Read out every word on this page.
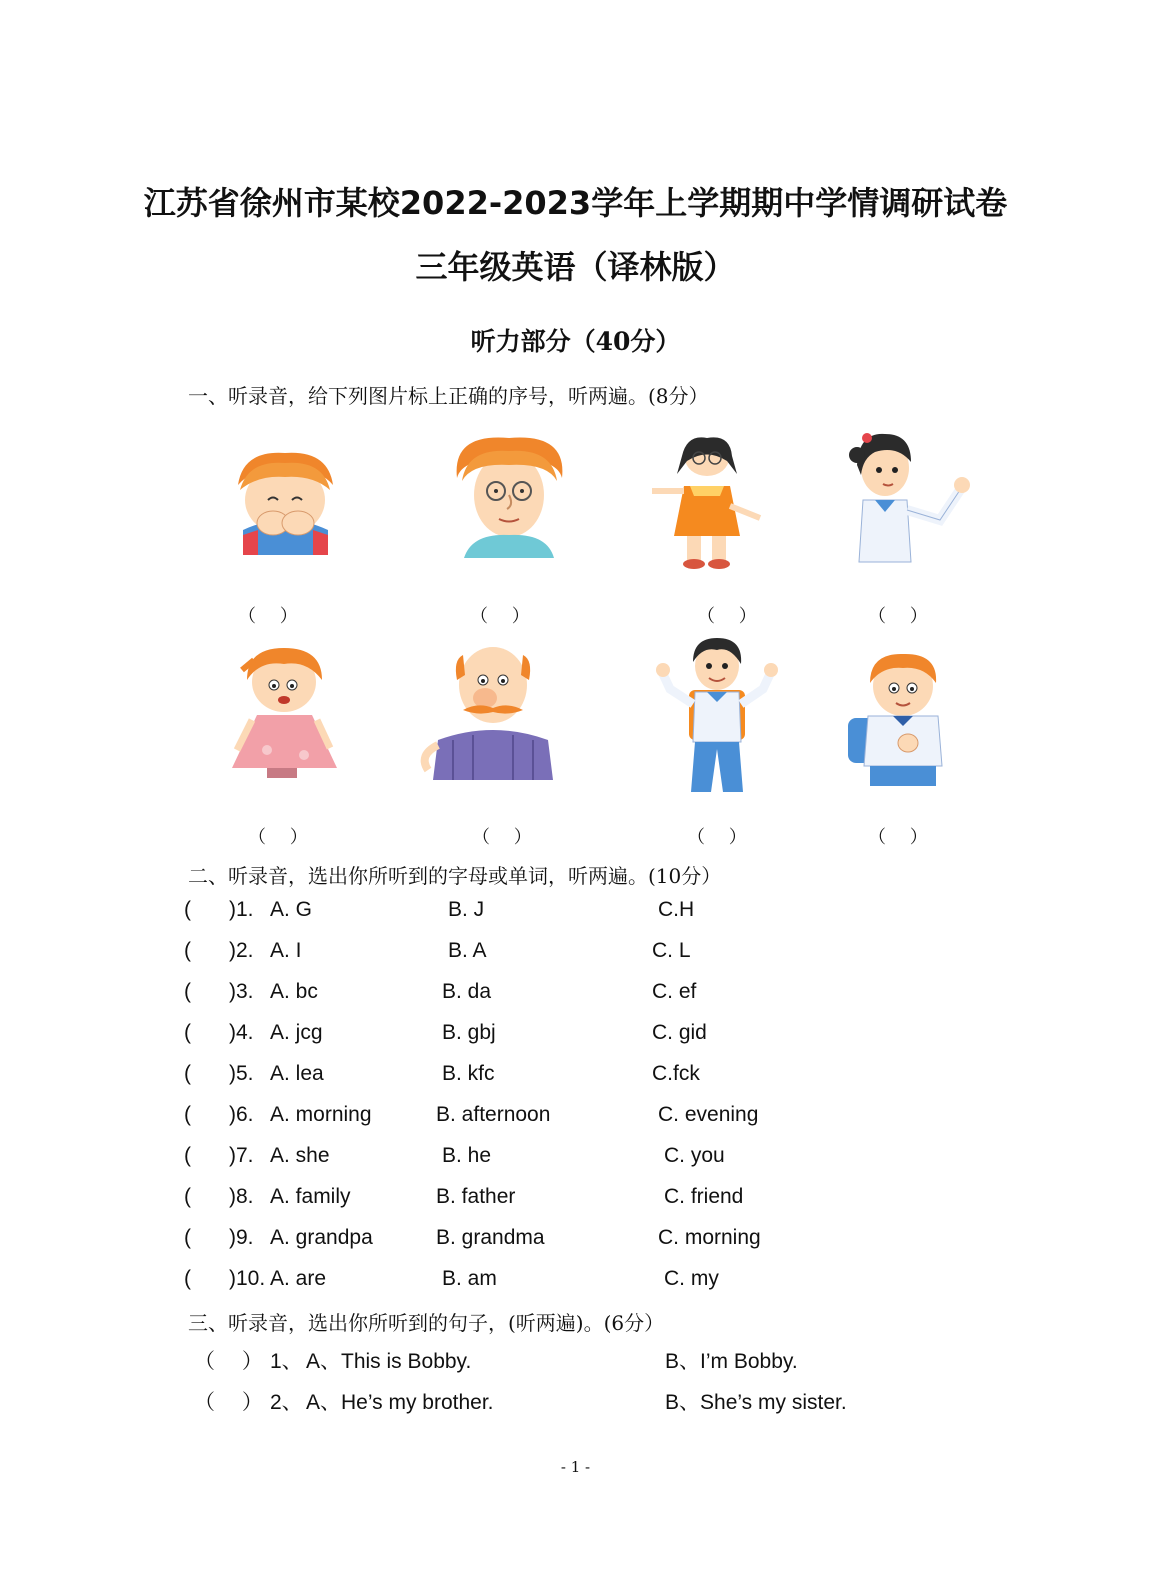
江苏省徐州市某校2022-2023学年上学期期中学情调研试卷
三年级英语（译林版）
听力部分（40分）
一、听录音，给下列图片标上正确的序号，听两遍。(8分）
（　 ）	（　 ）	（　 ）	（　 ）
（　 ）	（　 ）	（　 ）	（　 ）
二、听录音，选出你所听到的字母或单词，听两遍。(10分）
( )1. A. G	B. J	C.H
( )2. A. I	B. A	C. L
( )3. A. bc	B. da	C. ef
( )4. A. jcg	B. gbj	C. gid
( )5. A. lea	B. kfc	C.fck
( )6. A. morning	B. afternoon	C. evening
( )7. A. she	B. he	C. you
( )8. A. family	B. father	C. friend
( )9. A. grandpa	B. grandma	C. morning
( )10. A. are	B. am	C. my
三、听录音，选出你所听到的句子，(听两遍)。(6分）
（　 ） 1、 A、This is Bobby.	B、I’m Bobby.
（　 ） 2、 A、He’s my brother.	B、She’s my sister.
- 1 -
